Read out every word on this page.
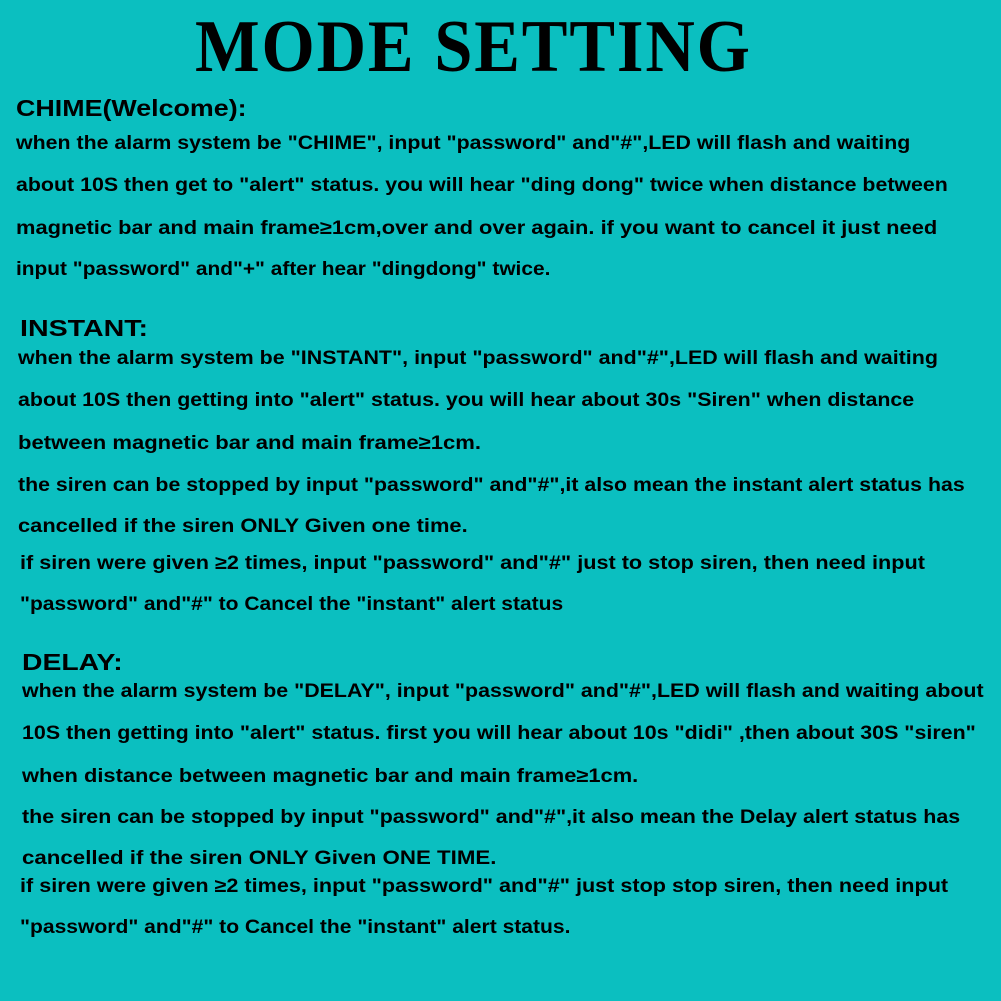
MODE SETTING
CHIME(Welcome):
when the alarm system be "CHIME", input "password" and"#",LED will flash and waiting
about 10S then get to "alert" status. you will hear "ding dong" twice when distance between
magnetic bar and main frame≥1cm,over and over again. if you want to cancel it just need
input "password" and"+" after hear "dingdong" twice.
INSTANT:
when the alarm system be "INSTANT", input "password" and"#",LED will flash and waiting
about 10S then getting into "alert" status. you will hear about 30s "Siren" when distance
between magnetic bar and main frame≥1cm.
the siren can be stopped by input "password" and"#",it also mean the instant alert status has
cancelled if the siren ONLY Given one time.
if siren were given ≥2 times, input "password" and"#" just to stop siren, then need input
"password" and"#" to Cancel the "instant" alert status
DELAY:
when the alarm system be "DELAY", input "password" and"#",LED will flash and waiting about
10S then getting into "alert" status. first you will hear about 10s "didi" ,then about 30S "siren"
when distance between magnetic bar and main frame≥1cm.
the siren can be stopped by input "password" and"#",it also mean the Delay alert status has
cancelled if the siren ONLY Given ONE TIME.
if siren were given ≥2 times, input "password" and"#" just stop stop siren, then need input
"password" and"#" to Cancel the "instant" alert status.
